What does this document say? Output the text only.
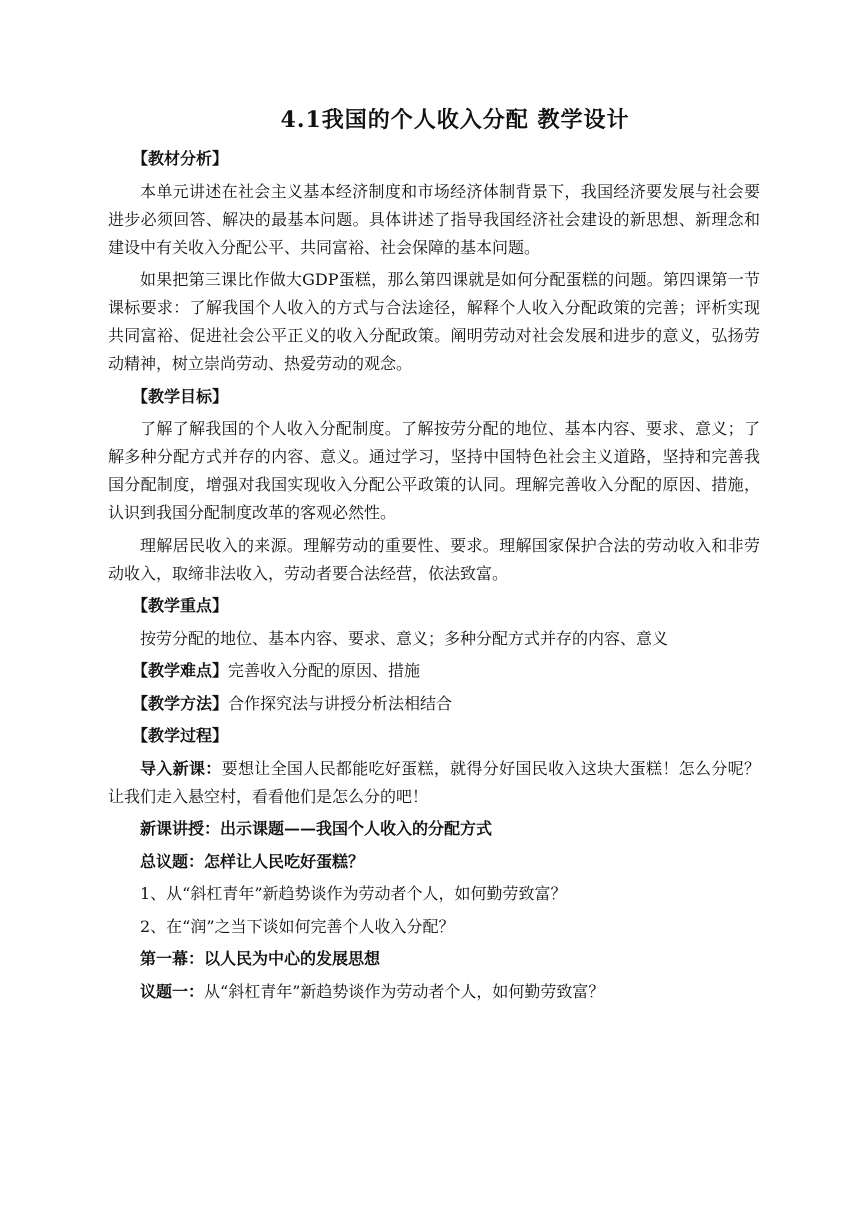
4.1我国的个人收入分配 教学设计

【教材分析】

本单元讲述在社会主义基本经济制度和市场经济体制背景下，我国经济要发展与社会要进步必须回答、解决的最基本问题。具体讲述了指导我国经济社会建设的新思想、新理念和建设中有关收入分配公平、共同富裕、社会保障的基本问题。

如果把第三课比作做大GDP蛋糕，那么第四课就是如何分配蛋糕的问题。第四课第一节课标要求：了解我国个人收入的方式与合法途径，解释个人收入分配政策的完善；评析实现共同富裕、促进社会公平正义的收入分配政策。阐明劳动对社会发展和进步的意义，弘扬劳动精神，树立崇尚劳动、热爱劳动的观念。

【教学目标】

了解了解我国的个人收入分配制度。了解按劳分配的地位、基本内容、要求、意义；了解多种分配方式并存的内容、意义。通过学习，坚持中国特色社会主义道路，坚持和完善我国分配制度，增强对我国实现收入分配公平政策的认同。理解完善收入分配的原因、措施，认识到我国分配制度改革的客观必然性。

理解居民收入的来源。理解劳动的重要性、要求。理解国家保护合法的劳动收入和非劳动收入，取缔非法收入，劳动者要合法经营，依法致富。

【教学重点】

按劳分配的地位、基本内容、要求、意义；多种分配方式并存的内容、意义

【教学难点】完善收入分配的原因、措施

【教学方法】合作探究法与讲授分析法相结合

【教学过程】

导入新课：要想让全国人民都能吃好蛋糕，就得分好国民收入这块大蛋糕！怎么分呢？让我们走入悬空村，看看他们是怎么分的吧！

新课讲授：出示课题——我国个人收入的分配方式

总议题：怎样让人民吃好蛋糕？

1、从“斜杠青年”新趋势谈作为劳动者个人，如何勤劳致富？

2、在“润”之当下谈如何完善个人收入分配？

第一幕：以人民为中心的发展思想

议题一：从“斜杠青年”新趋势谈作为劳动者个人，如何勤劳致富？
